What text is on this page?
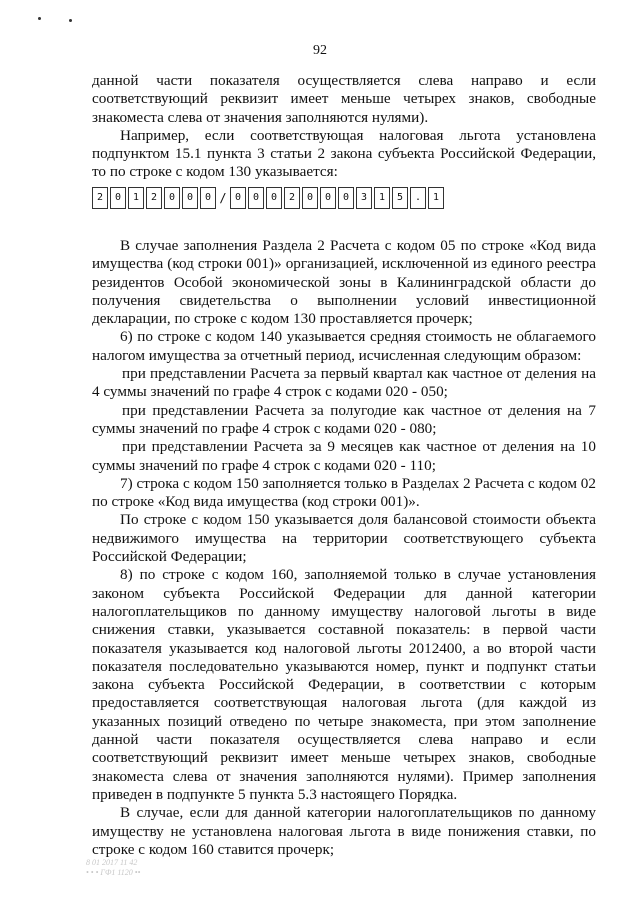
92

данной части показателя осуществляется слева направо и если соответствующий реквизит имеет меньше четырех знаков, свободные знакоместа слева от значения заполняются нулями).

Например, если соответствующая налоговая льгота установлена подпунктом 15.1 пункта 3 статьи 2 закона субъекта Российской Федерации, то по строке с кодом 130 указывается:

2	0	1	2	0	0	0 / 0	0	0	2	0	0	0	3	1	5	.	1

В случае заполнения Раздела 2 Расчета с кодом 05 по строке «Код вида имущества (код строки 001)» организацией, исключенной из единого реестра резидентов Особой экономической зоны в Калининградской области до получения свидетельства о выполнении условий инвестиционной декларации, по строке с кодом 130 проставляется прочерк;

6) по строке с кодом 140 указывается средняя стоимость не облагаемого налогом имущества за отчетный период, исчисленная следующим образом:

при представлении Расчета за первый квартал как частное от деления на 4 суммы значений по графе 4 строк с кодами 020 - 050;

при представлении Расчета за полугодие как частное от деления на 7 суммы значений по графе 4 строк с кодами 020 - 080;

при представлении Расчета за 9 месяцев как частное от деления на 10 суммы значений по графе 4 строк с кодами 020 - 110;

7) строка с кодом 150 заполняется только в Разделах 2 Расчета с кодом 02 по строке «Код вида имущества (код строки 001)».

По строке с кодом 150 указывается доля балансовой стоимости объекта недвижимого имущества на территории соответствующего субъекта Российской Федерации;

8) по строке с кодом 160, заполняемой только в случае установления законом субъекта Российской Федерации для данной категории налогоплательщиков по данному имуществу налоговой льготы в виде снижения ставки, указывается составной показатель: в первой части показателя указывается код налоговой льготы 2012400, а во второй части показателя последовательно указываются номер, пункт и подпункт статьи закона субъекта Российской Федерации, в соответствии с которым предоставляется соответствующая налоговая льгота (для каждой из указанных позиций отведено по четыре знакоместа, при этом заполнение данной части показателя осуществляется слева направо и если соответствующий реквизит имеет меньше четырех знаков, свободные знакоместа слева от значения заполняются нулями). Пример заполнения приведен в подпункте 5 пункта 5.3 настоящего Порядка.

В случае, если для данной категории налогоплательщиков по данному имуществу не установлена налоговая льгота в виде понижения ставки, по строке с кодом 160 ставится прочерк;

8 01 2017 11 42
• • • ГФ1 1120 ••
